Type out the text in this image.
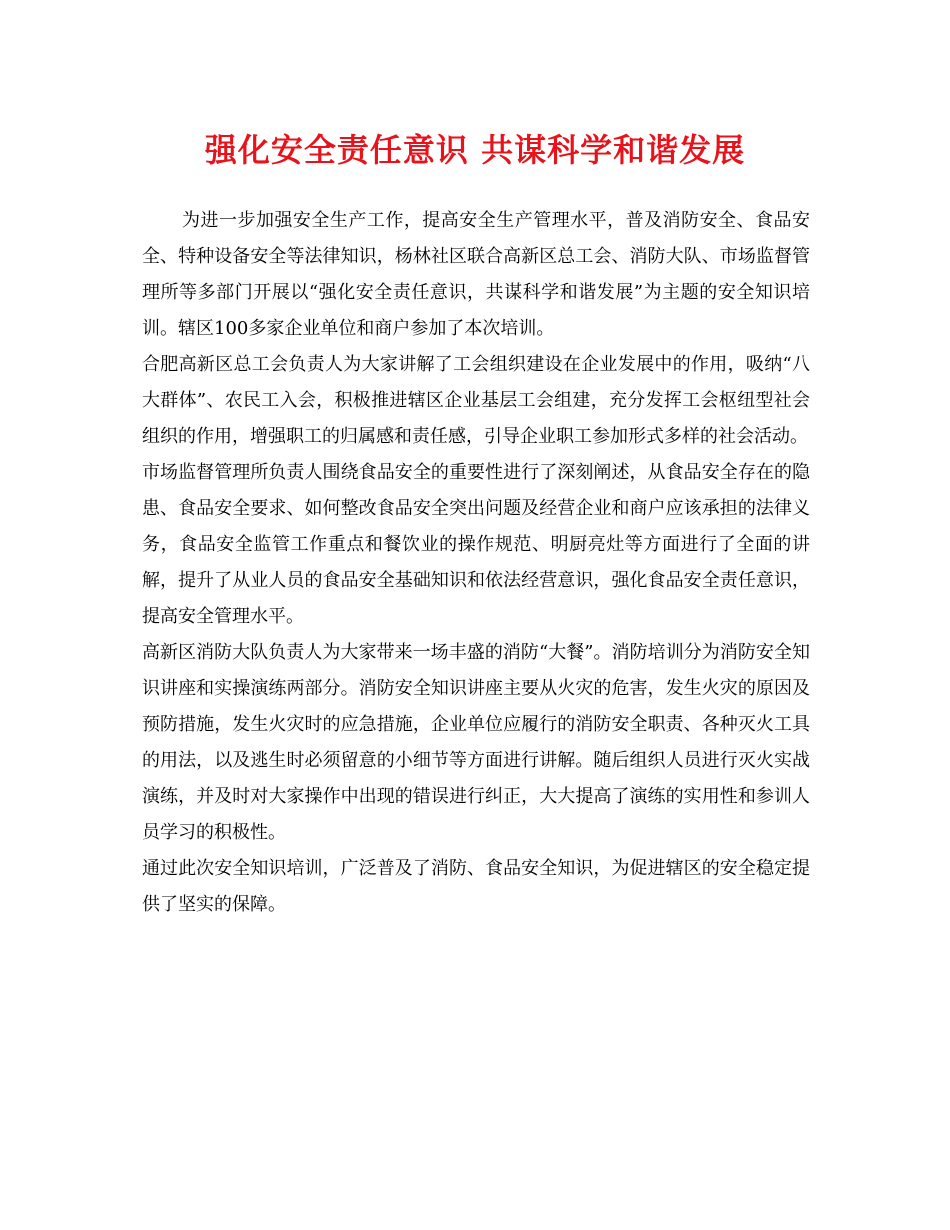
强化安全责任意识 共谋科学和谐发展

为进一步加强安全生产工作，提高安全生产管理水平，普及消防安全、食品安全、特种设备安全等法律知识，杨林社区联合高新区总工会、消防大队、市场监督管理所等多部门开展以“强化安全责任意识，共谋科学和谐发展”为主题的安全知识培训。辖区100多家企业单位和商户参加了本次培训。

合肥高新区总工会负责人为大家讲解了工会组织建设在企业发展中的作用，吸纳“八大群体”、农民工入会，积极推进辖区企业基层工会组建，充分发挥工会枢纽型社会组织的作用，增强职工的归属感和责任感，引导企业职工参加形式多样的社会活动。

市场监督管理所负责人围绕食品安全的重要性进行了深刻阐述，从食品安全存在的隐患、食品安全要求、如何整改食品安全突出问题及经营企业和商户应该承担的法律义务，食品安全监管工作重点和餐饮业的操作规范、明厨亮灶等方面进行了全面的讲解，提升了从业人员的食品安全基础知识和依法经营意识，强化食品安全责任意识，提高安全管理水平。

高新区消防大队负责人为大家带来一场丰盛的消防“大餐”。消防培训分为消防安全知识讲座和实操演练两部分。消防安全知识讲座主要从火灾的危害，发生火灾的原因及预防措施，发生火灾时的应急措施，企业单位应履行的消防安全职责、各种灭火工具的用法，以及逃生时必须留意的小细节等方面进行讲解。随后组织人员进行灭火实战演练，并及时对大家操作中出现的错误进行纠正，大大提高了演练的实用性和参训人员学习的积极性。

通过此次安全知识培训，广泛普及了消防、食品安全知识，为促进辖区的安全稳定提供了坚实的保障。
